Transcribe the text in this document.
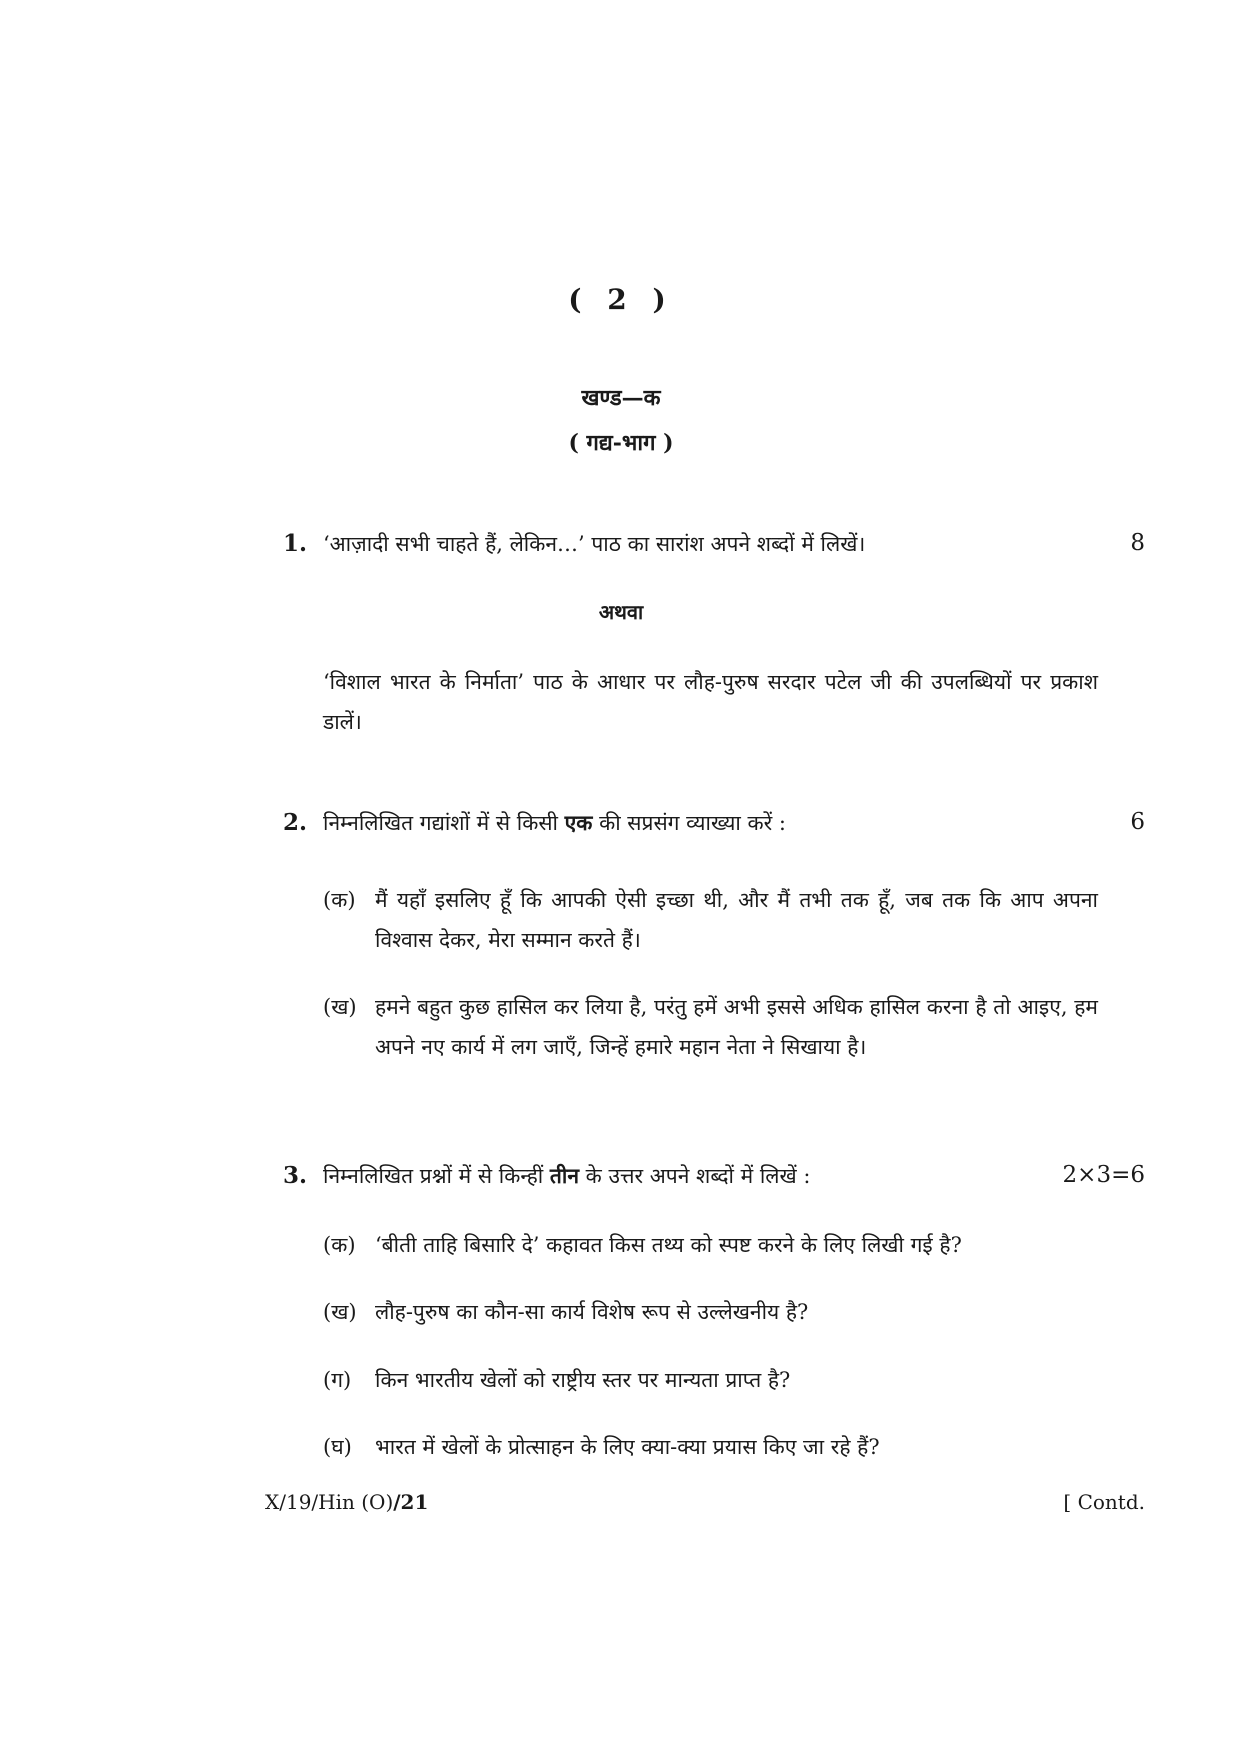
( 2 )
खण्ड—क
( गद्य-भाग )
1. ‘आज़ादी सभी चाहते हैं, लेकिन…’ पाठ का सारांश अपने शब्दों में लिखें।	8
अथवा
‘विशाल भारत के निर्माता’ पाठ के आधार पर लौह-पुरुष सरदार पटेल जी की उपलब्धियों पर प्रकाश डालें।
2. निम्नलिखित गद्यांशों में से किसी एक की सप्रसंग व्याख्या करें :	6
(क) मैं यहाँ इसलिए हूँ कि आपकी ऐसी इच्छा थी, और मैं तभी तक हूँ, जब तक कि आप अपना विश्वास देकर, मेरा सम्मान करते हैं।
(ख) हमने बहुत कुछ हासिल कर लिया है, परंतु हमें अभी इससे अधिक हासिल करना है तो आइए, हम अपने नए कार्य में लग जाएँ, जिन्हें हमारे महान नेता ने सिखाया है।
3. निम्नलिखित प्रश्नों में से किन्हीं तीन के उत्तर अपने शब्दों में लिखें :	2×3=6
(क) ‘बीती ताहि बिसारि दे’ कहावत किस तथ्य को स्पष्ट करने के लिए लिखी गई है?
(ख) लौह-पुरुष का कौन-सा कार्य विशेष रूप से उल्लेखनीय है?
(ग) किन भारतीय खेलों को राष्ट्रीय स्तर पर मान्यता प्राप्त है?
(घ) भारत में खेलों के प्रोत्साहन के लिए क्या-क्या प्रयास किए जा रहे हैं?
X/19/Hin (O)/21	[ Contd.
